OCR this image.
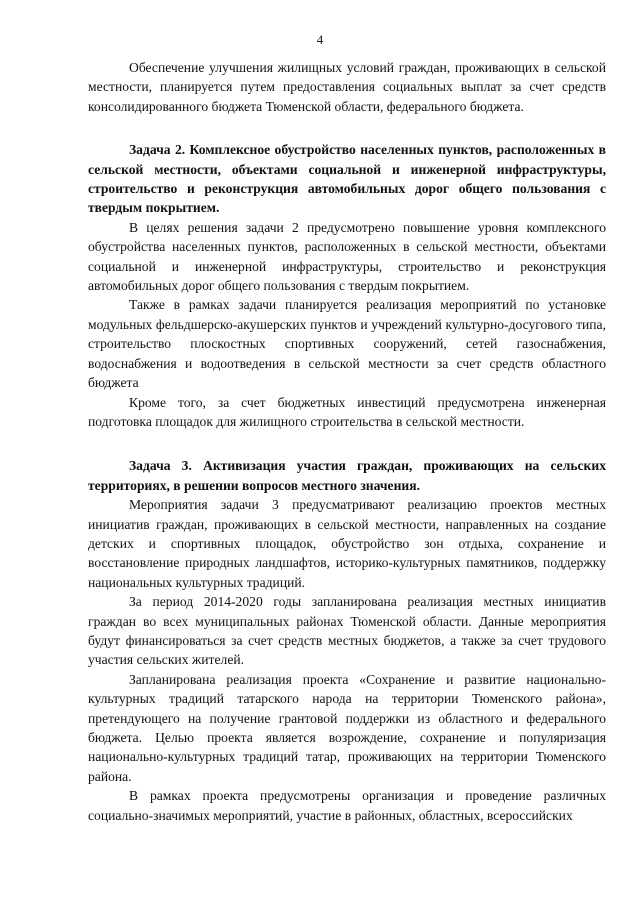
4

Обеспечение улучшения жилищных условий граждан, проживающих в сельской местности, планируется путем предоставления социальных выплат за счет средств консолидированного бюджета Тюменской области, федерального бюджета.

Задача 2. Комплексное обустройство населенных пунктов, расположенных в сельской местности, объектами социальной и инженерной инфраструктуры, строительство и реконструкция автомобильных дорог общего пользования с твердым покрытием.

В целях решения задачи 2 предусмотрено повышение уровня комплексного обустройства населенных пунктов, расположенных в сельской местности, объектами социальной и инженерной инфраструктуры, строительство и реконструкция автомобильных дорог общего пользования с твердым покрытием.

Также в рамках задачи планируется реализация мероприятий по установке модульных фельдшерско-акушерских пунктов и учреждений культурно-досугового типа, строительство плоскостных спортивных сооружений, сетей газоснабжения, водоснабжения и водоотведения в сельской местности за счет средств областного бюджета

Кроме того, за счет бюджетных инвестиций предусмотрена инженерная подготовка площадок для жилищного строительства в сельской местности.

Задача 3. Активизация участия граждан, проживающих на сельских территориях, в решении вопросов местного значения.

Мероприятия задачи 3 предусматривают реализацию проектов местных инициатив граждан, проживающих в сельской местности, направленных на создание детских и спортивных площадок, обустройство зон отдыха, сохранение и восстановление природных ландшафтов, историко-культурных памятников, поддержку национальных культурных традиций.

За период 2014-2020 годы запланирована реализация местных инициатив граждан во всех муниципальных районах Тюменской области. Данные мероприятия будут финансироваться за счет средств местных бюджетов, а также за счет трудового участия сельских жителей.

Запланирована реализация проекта «Сохранение и развитие национально-культурных традиций татарского народа на территории Тюменского района», претендующего на получение грантовой поддержки из областного и федерального бюджета. Целью проекта является возрождение, сохранение и популяризация национально-культурных традиций татар, проживающих на территории Тюменского района.

В рамках проекта предусмотрены организация и проведение различных социально-значимых мероприятий, участие в районных, областных, всероссийских
